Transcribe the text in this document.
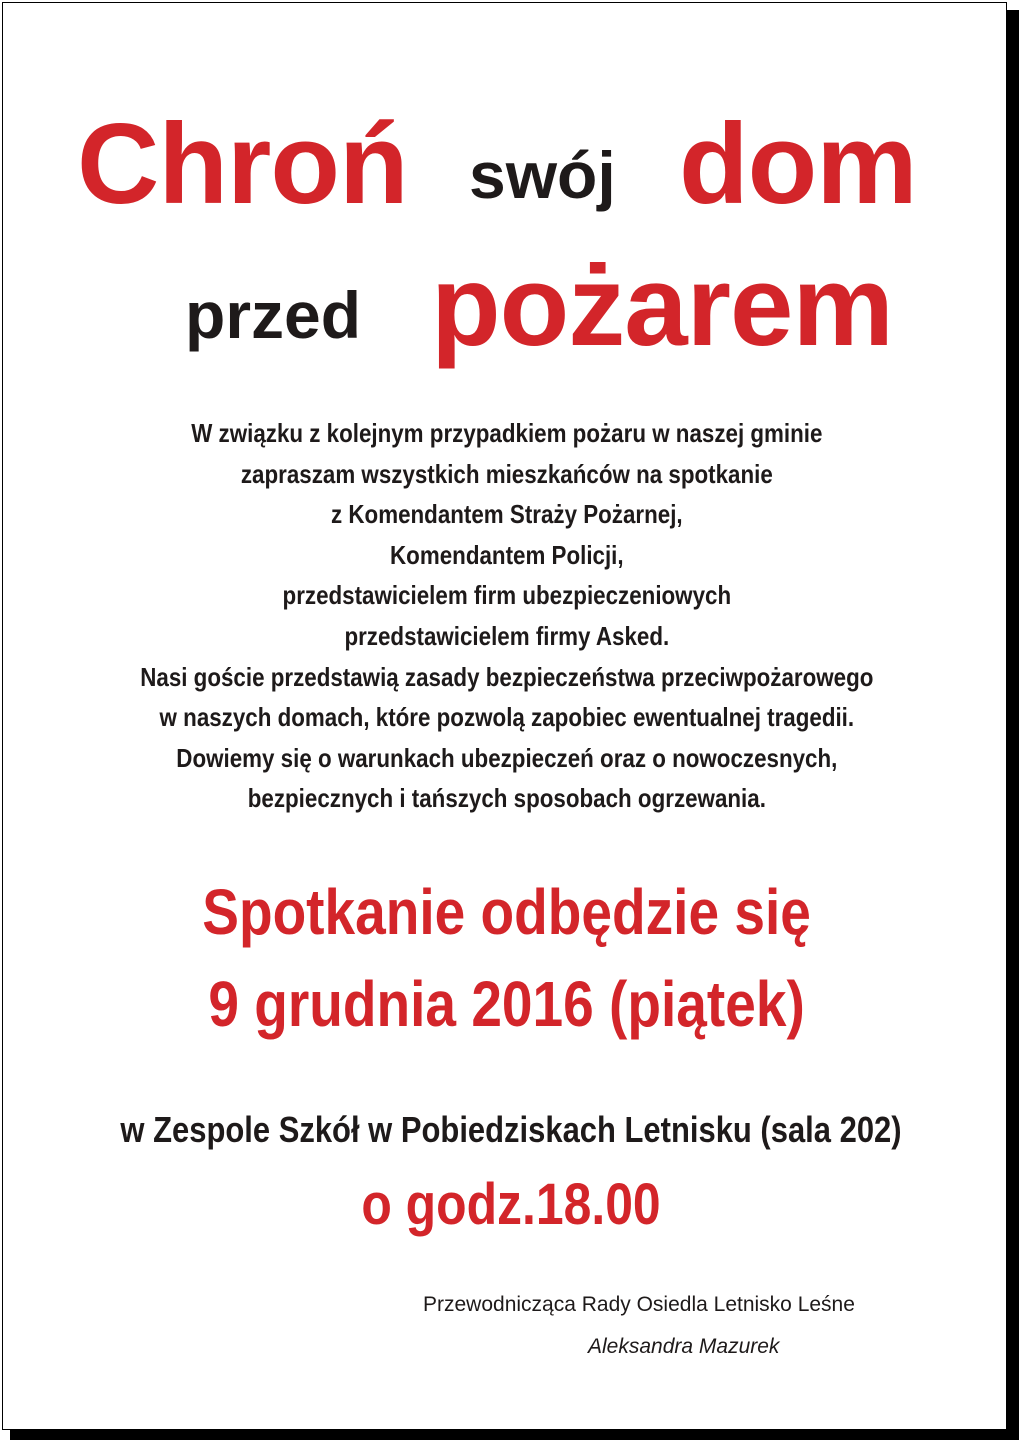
Chroń swój dom
przed pożarem
W związku z kolejnym przypadkiem pożaru w naszej gminie
zapraszam wszystkich mieszkańców na spotkanie
z Komendantem Straży Pożarnej,
Komendantem Policji,
przedstawicielem firm ubezpieczeniowych
przedstawicielem firmy Asked.
Nasi goście przedstawią zasady bezpieczeństwa przeciwpożarowego
w naszych domach, które pozwolą zapobiec ewentualnej tragedii.
Dowiemy się o warunkach ubezpieczeń oraz o nowoczesnych,
bezpiecznych i tańszych sposobach ogrzewania.
Spotkanie odbędzie się
9 grudnia 2016 (piątek)
w Zespole Szkół w Pobiedziskach Letnisku (sala 202)
o godz.18.00
Przewodnicząca Rady Osiedla Letnisko Leśne
Aleksandra Mazurek
